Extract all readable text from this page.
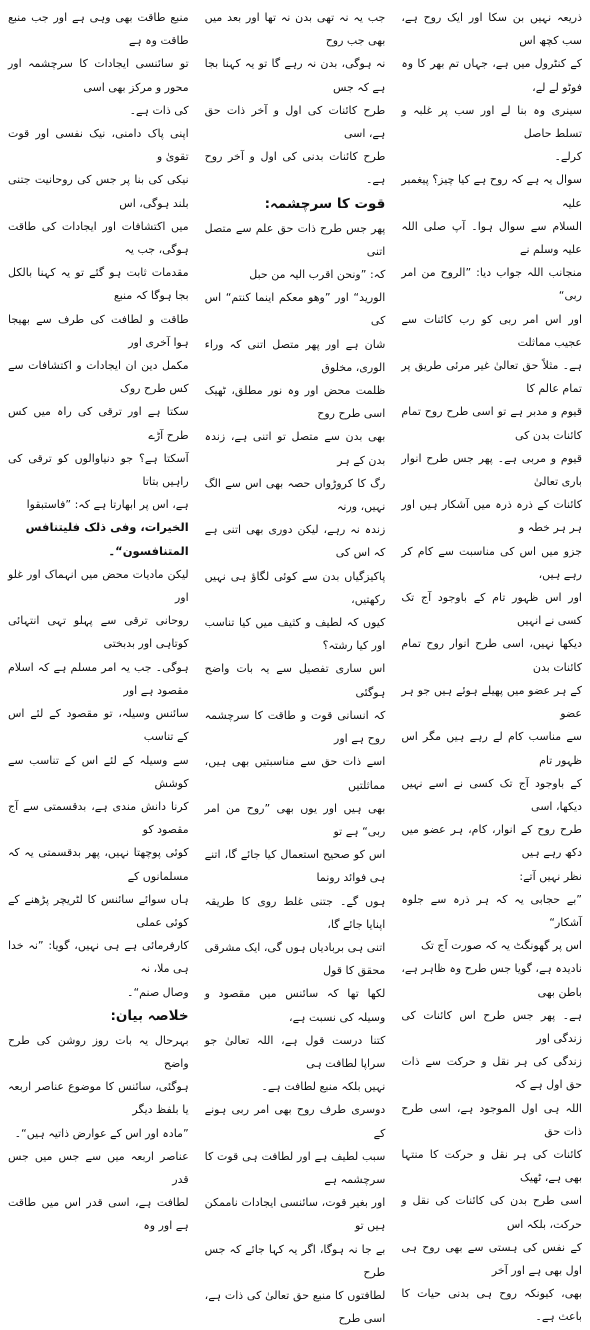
ذریعہ نہیں بن سکا اور ایک روح ہے، سب کچھ اس
کے کنٹرول میں ہے، جہاں تم بھر کا وہ فوٹو لے لے،
سینری وہ بنا لے اور سب پر غلبہ و تسلط حاصل
کرلے۔
سوال یہ ہے کہ روح ہے کیا چیز؟ پیغمبر علیہ
السلام سے سوال ہوا۔ آپ صلی اللہ علیہ وسلم نے
منجانب اللہ جواب دیا: ”الروح من امر ربی“
اور اس امر ربی کو رب کائنات سے عجیب مماثلت
ہے۔ مثلاً حق تعالیٰ غیر مرئی طریق پر تمام عالم کا
قیوم و مدبر ہے تو اسی طرح روح تمام کائنات بدن کی
قیوم و مربی ہے۔ پھر جس طرح انوار باری تعالیٰ
کائنات کے ذرہ ذرہ میں آشکار ہیں اور ہر ہر خطہ و
جزو میں اس کی مناسبت سے کام کر رہے ہیں،
اور اس ظہور تام کے باوجود آج تک کسی نے انہیں
دیکھا نہیں، اسی طرح انوار روح تمام کائنات بدن
کے ہر عضو میں پھیلے ہوئے ہیں جو ہر عضو
سے مناسب کام لے رہے ہیں مگر اس ظہور تام
کے باوجود آج تک کسی نے اسے نہیں دیکھا، اسی
طرح روح کے انوار، کام، ہر عضو میں دکھ رہے ہیں
نظر نہیں آتے:
”بے حجابی یہ کہ ہر ذرہ سے جلوہ آشکار“
اس پر گھونگٹ یہ کہ صورت آج تک
نادیدہ ہے، گویا جس طرح وہ ظاہر ہے، باطن بھی
ہے۔ پھر جس طرح اس کائنات کی زندگی اور
زندگی کی ہر نقل و حرکت سے ذات حق اول ہے کہ
اللہ ہی اول الموجود ہے، اسی طرح ذات حق
کائنات کی ہر نقل و حرکت کا منتہا بھی ہے، ٹھیک
اسی طرح بدن کی کائنات کی نقل و حرکت، بلکہ اس
کے نفس کی ہستی سے بھی روح ہی اول بھی ہے اور آخر
بھی، کیونکہ روح ہی بدنی حیات کا باعث ہے۔
جب یہ نہ تھی بدن نہ تھا اور بعد میں بھی جب روح
نہ ہوگی، بدن نہ رہے گا تو یہ کہنا بجا ہے کہ جس
طرح کائنات کی اول و آخر ذات حق ہے، اسی
طرح کائنات بدنی کی اول و آخر روح ہے۔
قوت کا سرچشمہ:
پھر جس طرح ذات حق علم سے متصل اتنی
کہ: ”ونحن اقرب الیہ من حبل
الورید“ اور ”وھو معکم اینما کنتم“ اس کی
شان ہے اور پھر متصل اتنی کہ وراء الوری، مخلوق
ظلمت محض اور وہ نور مطلق، ٹھیک اسی طرح روح
بھی بدن سے متصل تو اتنی ہے، زندہ بدن کے ہر
رگ کا کروڑواں حصہ بھی اس سے الگ نہیں، ورنہ
زندہ نہ رہے، لیکن دوری بھی اتنی ہے کہ اس کی
پاکیزگیاں بدن سے کوئی لگاؤ ہی نہیں رکھتیں،
کیوں کہ لطیف و کثیف میں کیا تناسب اور کیا رشتہ؟
اس ساری تفصیل سے یہ بات واضح ہوگئی
کہ انسانی قوت و طاقت کا سرچشمہ روح ہے اور
اسے ذات حق سے مناسبتیں بھی ہیں، مماثلتیں
بھی ہیں اور یوں بھی ”روح من امر ربی“ ہے تو
اس کو صحیح استعمال کیا جائے گا، اتنے ہی فوائد رونما
ہوں گے۔ جتنی غلط روی کا طریقہ اپنایا جائے گا،
اتنی ہی بربادیاں ہوں گی، ایک مشرقی محقق کا قول
لکھا تھا کہ سائنس میں مقصود و وسیلہ کی نسبت ہے،
کتنا درست قول ہے، اللہ تعالیٰ جو سراپا لطافت ہی
نہیں بلکہ منبع لطافت ہے۔
دوسری طرف روح بھی امر ربی ہونے کے
سبب لطیف ہے اور لطافت ہی قوت کا سرچشمہ ہے
اور بغیر قوت، سائنسی ایجادات ناممکن ہیں تو
بے جا نہ ہوگا، اگر یہ کہا جائے کہ جس طرح
لطافتوں کا منبع حق تعالیٰ کی ذات ہے، اسی طرح
منبع طاقت بھی وہی ہے اور جب منبع طاقت وہ ہے
تو سائنسی ایجادات کا سرچشمہ اور محور و مرکز بھی اسی
کی ذات ہے۔
اپنی پاک دامنی، نیک نفسی اور قوت تقویٰ و
نیکی کی بنا پر جس کی روحانیت جتنی بلند ہوگی، اس
میں اکتشافات اور ایجادات کی طاقت ہوگی، جب یہ
مقدمات ثابت ہو گئے تو یہ کہنا بالکل بجا ہوگا کہ منبع
طاقت و لطافت کی طرف سے بھیجا ہوا آخری اور
مکمل دین ان ایجادات و اکتشافات سے کس طرح روک
سکتا ہے اور ترقی کی راہ میں کس طرح آڑے
آسکتا ہے؟ جو دنیاوالوں کو ترقی کی راہیں بتاتا
ہے، اس پر ابھارتا ہے کہ: ”فاستبقوا
الخیرات، وفی ذلک فلیتنافس
المتنافسون“۔
لیکن مادیات محض میں انہماک اور غلو اور
روحانی ترقی سے پہلو تہی انتہائی کوتاہی اور بدبختی
ہوگی۔ جب یہ امر مسلم ہے کہ اسلام مقصود ہے اور
سائنس وسیلہ، تو مقصود کے لئے اس کے تناسب
سے وسیلہ کے لئے اس کے تناسب سے کوشش
کرنا دانش مندی ہے، بدقسمتی سے آج مقصود کو
کوئی پوچھتا نہیں، پھر بدقسمتی یہ کہ مسلمانوں کے
ہاں سوائے سائنس کا لٹریچر پڑھنے کے کوئی عملی
کارفرمائی ہے ہی نہیں، گویا: ”نہ خدا ہی ملا، نہ
وصال صنم“۔
خلاصہ بیان:
بہرحال یہ بات روز روشن کی طرح واضح
ہوگئی، سائنس کا موضوع عناصر اربعہ یا بلفظ دیگر
”مادہ اور اس کے عوارض ذاتیہ ہیں“۔
عناصر اربعہ میں سے جس میں جس قدر
لطافت ہے، اسی قدر اس میں طاقت ہے اور وہ
